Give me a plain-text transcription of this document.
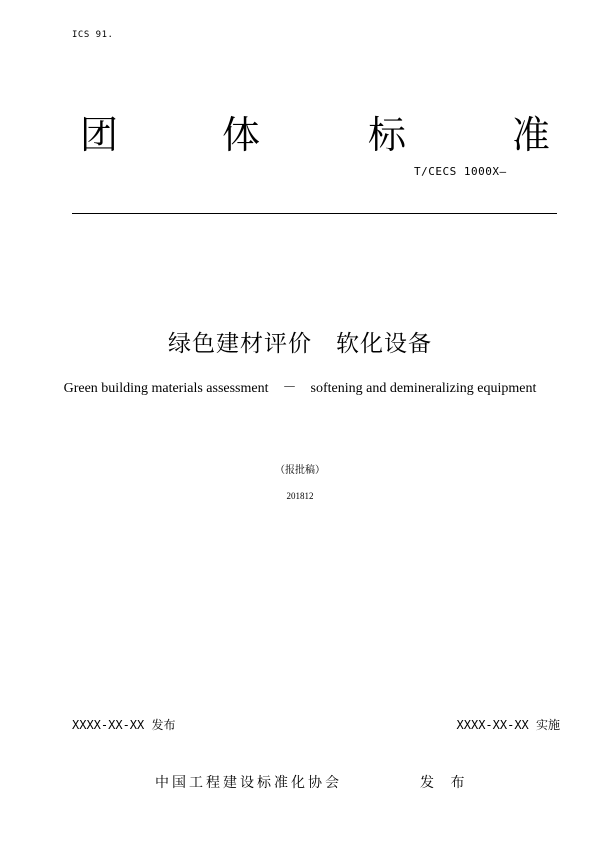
ICS 91.
团	体	标	准
T/CECS 1000X—
绿色建材评价　软化设备
Green building materials assessment　－　softening and demineralizing equipment
（报批稿）
201812
XXXX-XX-XX 发布	XXXX-XX-XX 实施
中国工程建设标准化协会	发 布
